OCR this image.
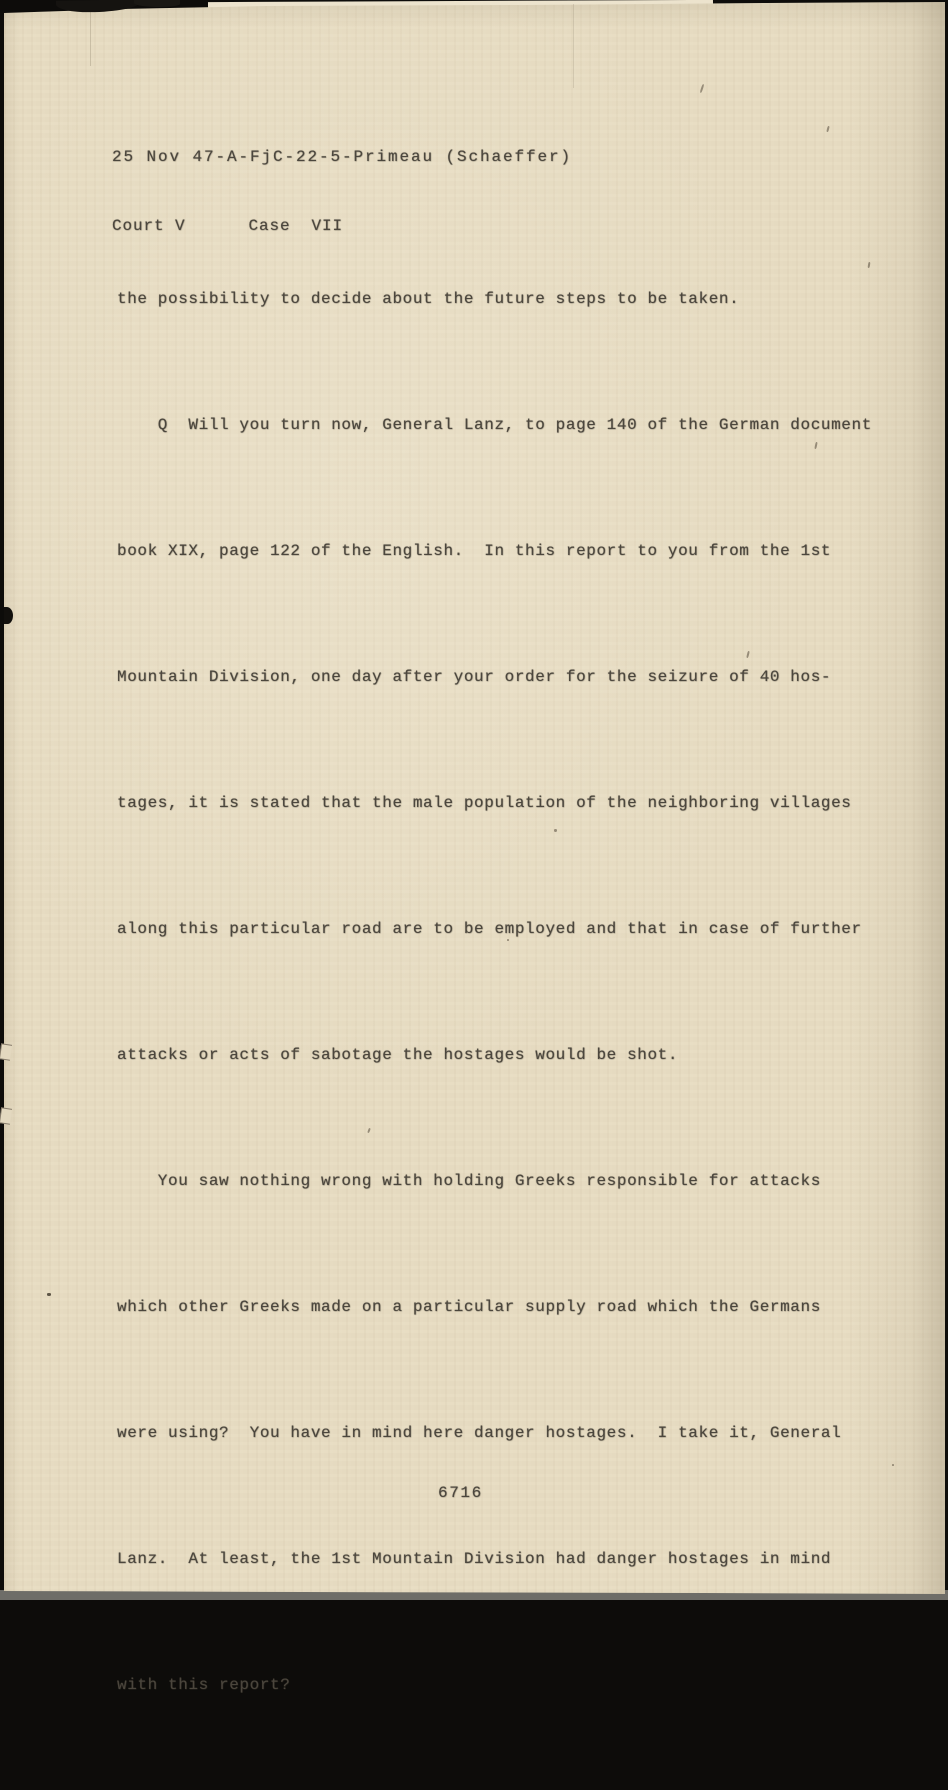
25 Nov 47-A-FjC-22-5-Primeau (Schaeffer)

Court V      Case  VII

the possibility to decide about the future steps to be taken.

Q  Will you turn now, General Lanz, to page 140 of the German document

book XIX, page 122 of the English.  In this report to you from the 1st

Mountain Division, one day after your order for the seizure of 40 hos-

tages, it is stated that the male population of the neighboring villages

along this particular road are to be employed and that in case of further

attacks or acts of sabotage the hostages would be shot.

You saw nothing wrong with holding Greeks responsible for attacks

which other Greeks made on a particular supply road which the Germans

were using?  You have in mind here danger hostages.  I take it, General

Lanz.  At least, the 1st Mountain Division had danger hostages in mind

with this report?

6716
